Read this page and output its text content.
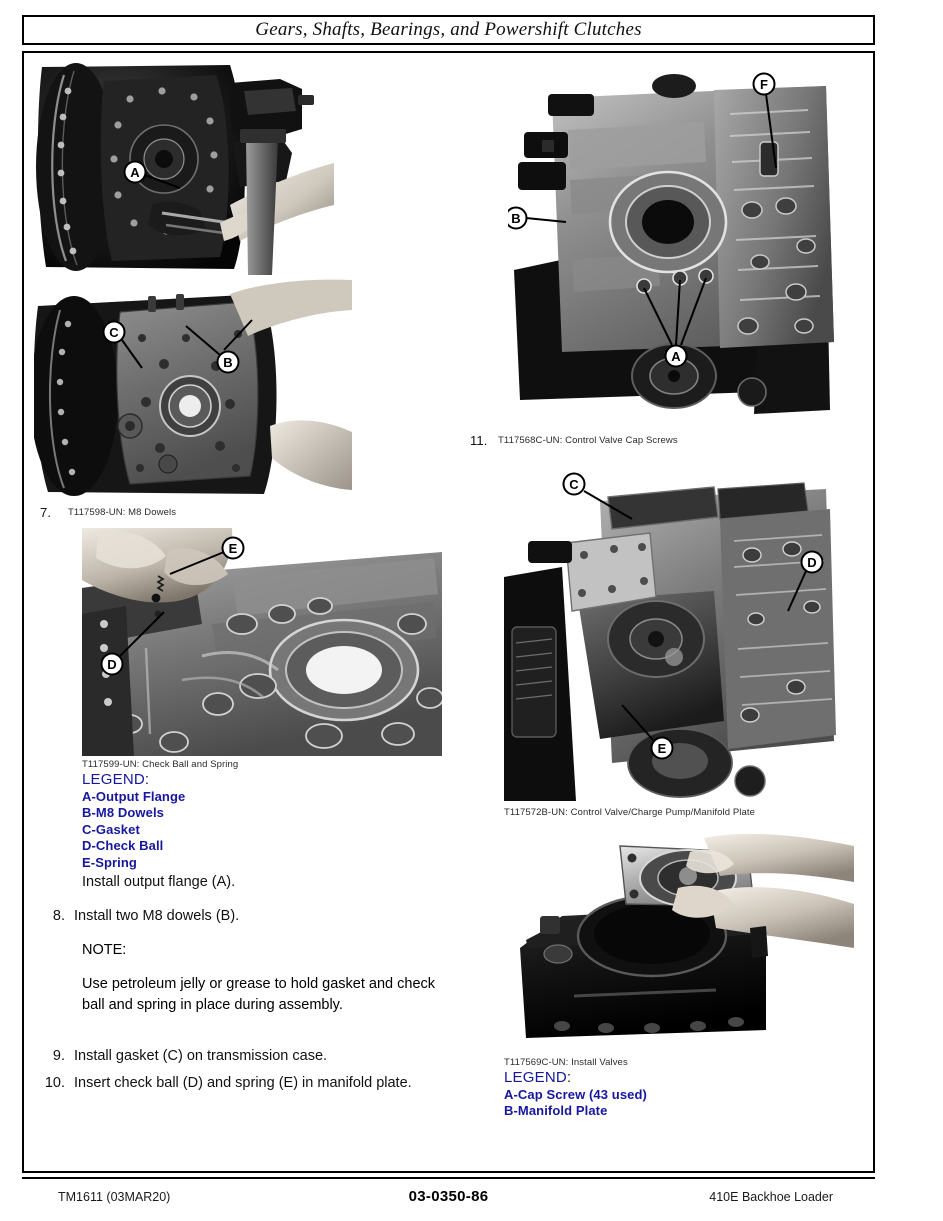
Gears, Shafts, Bearings, and Powershift Clutches
A
C
B
7.	T117598-UN: M8 Dowels
E
D
T117599-UN: Check Ball and Spring
LEGEND:
A-Output Flange
B-M8 Dowels
C-Gasket
D-Check Ball
E-Spring
Install output flange (A).
8. Install two M8 dowels (B).
NOTE:
Use petroleum jelly or grease to hold gasket and check ball and spring in place during assembly.
9. Install gasket (C) on transmission case.
10. Insert check ball (D) and spring (E) in manifold plate.
F
B
A
11.	T117568C-UN: Control Valve Cap Screws
C
D
E
T117572B-UN: Control Valve/Charge Pump/Manifold Plate
T117569C-UN: Install Valves
LEGEND:
A-Cap Screw (43 used)
B-Manifold Plate
TM1611 (03MAR20)	03-0350-86	410E Backhoe Loader
